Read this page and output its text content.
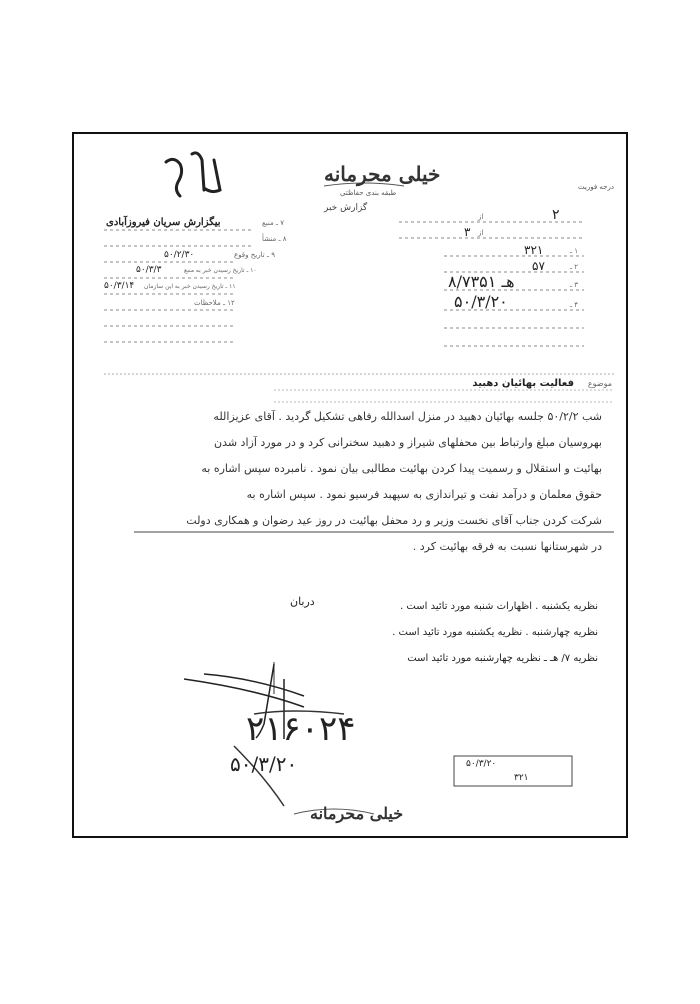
خیلی محرمانه
طبقه بندی حفاظتی
گزارش خبر
درجه فوریت
۱۴
۷ ـ منبع
بیگزارش سریان فیروزآبادی
۸ ـ منشأ
۹ ـ تاریخ وقوع
۵۰/۲/۳۰
۱۰ ـ تاریخ رسیدن خبر به منبع
۵۰/۳/۳
۱۱ ـ تاریخ رسیدن خبر به این سازمان
۵۰/۳/۱۴
۱۲ ـ ملاحظات
از	۲
از
۳
۱ ـ
۳۲۱
۲ ـ
۵۷
۳ ـ
۸/۷۳۵۱ هـ
۴ ـ
۵۰/۳/۲۰
موضوع
فعالیت بهائیان دهبید
شب ۵۰/۲/۲ جلسه بهائیان دهبید در منزل اسدالله رفاهی تشکیل گردید . آقای عزیزالله
بهروسیان مبلغ وارتباط بین محفلهای شیراز و دهبید سخنرانی کرد و در مورد آزاد شدن
بهائیت و استقلال و رسمیت پیدا کردن بهائیت مطالبی بیان نمود . نامبرده سپس اشاره به
حقوق معلمان و درآمد نفت و تیراندازی به سپهبد فرسیو نمود . سپس اشاره به
شرکت کردن جناب آقای نخست وزیر و رد محفل بهائیت در روز عید رضوان و همکاری دولت
در شهرستانها نسبت به فرقه بهائیت کرد .
نظریه یکشنبه . اظهارات شنبه مورد تائید است .
دربان
نظریه چهارشنبه . نظریه یکشنبه مورد تائید است .
نظریه ۷/ هـ ـ نظریه چهارشنبه مورد تائید است
۵۰/۳/۲۰
۳۲۱
۲۱۶۰۲۴
۵۰/۳/۲۰
خیلی محرمانه
